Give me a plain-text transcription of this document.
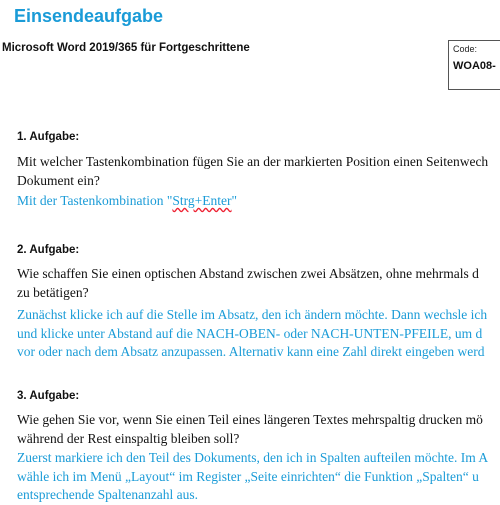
Einsendeaufgabe
Microsoft Word 2019/365 für Fortgeschrittene	Code:
WOA08-
1. Aufgabe:
Mit welcher Tastenkombination fügen Sie an der markierten Position einen Seitenwech
Dokument ein?
Mit der Tastenkombination "Strg+Enter"
2. Aufgabe:
Wie schaffen Sie einen optischen Abstand zwischen zwei Absätzen, ohne mehrmals d
zu betätigen?
Zunächst klicke ich auf die Stelle im Absatz, den ich ändern möchte. Dann wechsle ich
und klicke unter Abstand auf die NACH-OBEN- oder NACH-UNTEN-PFEILE, um d
vor oder nach dem Absatz anzupassen. Alternativ kann eine Zahl direkt eingeben werd
3. Aufgabe:
Wie gehen Sie vor, wenn Sie einen Teil eines längeren Textes mehrspaltig drucken mö
während der Rest einspaltig bleiben soll?
Zuerst markiere ich den Teil des Dokuments, den ich in Spalten aufteilen möchte. Im A
wähle ich im Menü „Layout“ im Register „Seite einrichten“ die Funktion „Spalten“ u
entsprechende Spaltenanzahl aus.
